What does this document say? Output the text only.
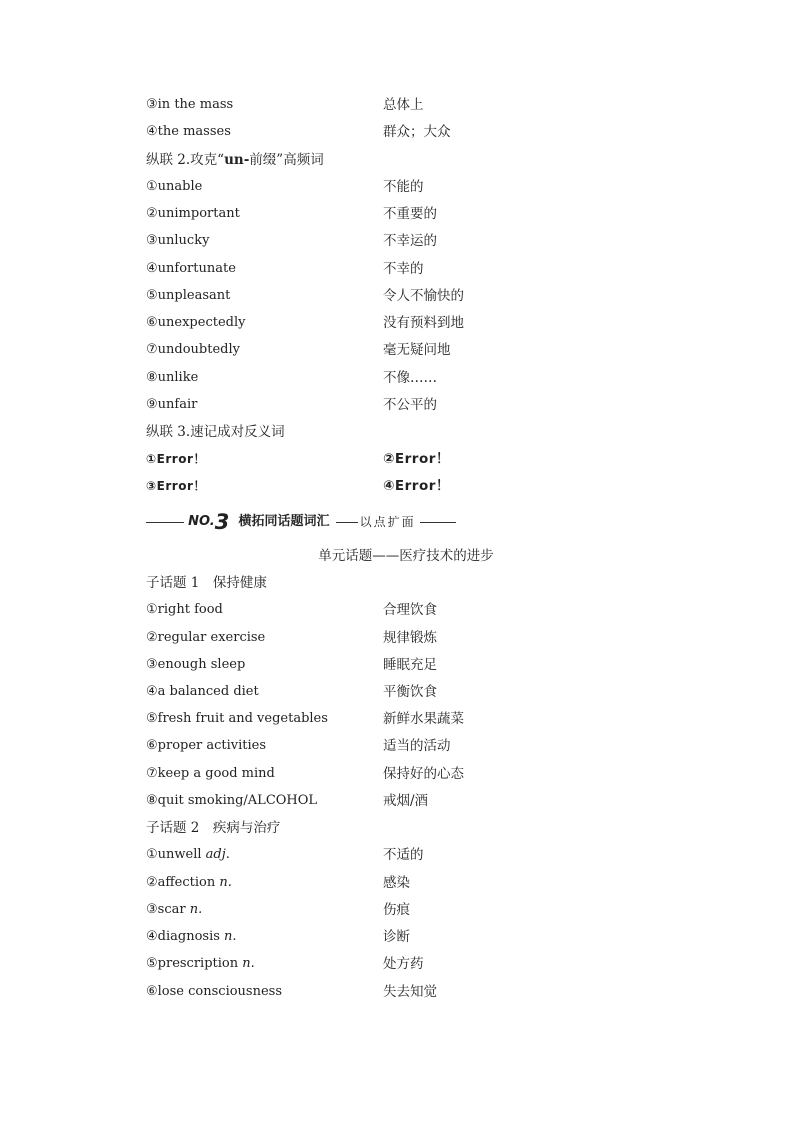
③in the mass	总体上
④the masses	群众；大众
纵联 2.攻克“un-前缀”高频词
①unable	不能的
②unimportant	不重要的
③unlucky	不幸运的
④unfortunate	不幸的
⑤unpleasant	令人不愉快的
⑥unexpectedly	没有预料到地
⑦undoubtedly	毫无疑问地
⑧unlike	不像……
⑨unfair	不公平的
纵联 3.速记成对反义词
①Error！	②Error！
③Error！	④Error！
NO.3 横拓同话题词汇	以点扩面
单元话题——医疗技术的进步
子话题 1　保持健康
①right food	合理饮食
②regular exercise	规律锻炼
③enough sleep	睡眠充足
④a balanced diet	平衡饮食
⑤fresh fruit and vegetables	新鲜水果蔬菜
⑥proper activities	适当的活动
⑦keep a good mind	保持好的心态
⑧quit smoking/ALCOHOL	戒烟/酒
子话题 2　疾病与治疗
①unwell adj.	不适的
②affection n.	感染
③scar n.	伤痕
④diagnosis n.	诊断
⑤prescription n.	处方药
⑥lose consciousness	失去知觉
